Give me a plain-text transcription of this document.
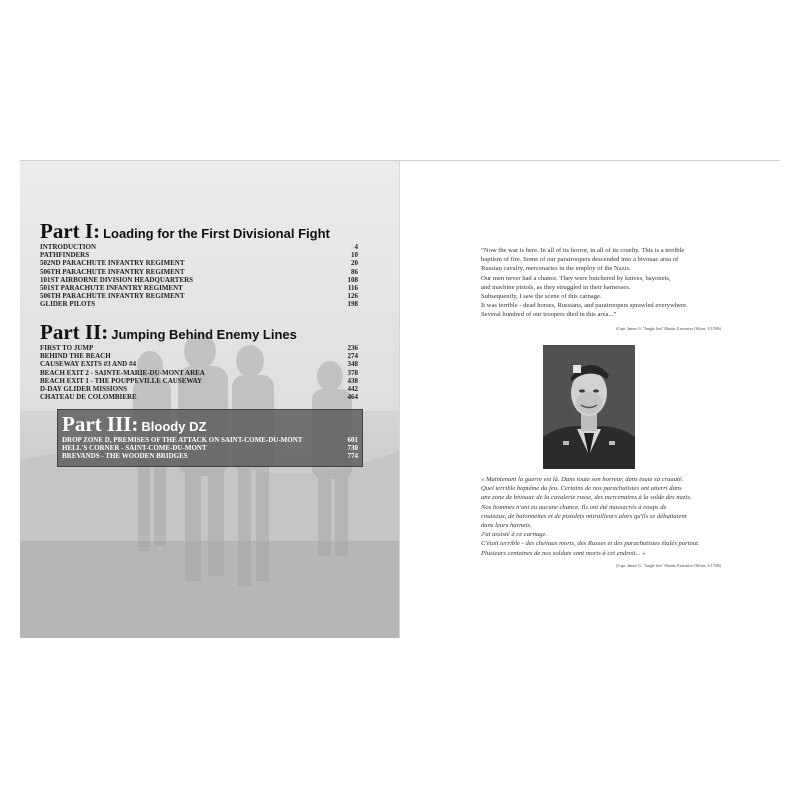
Part I: Loading for the First Divisional Fight
INTRODUCTION	4
PATHFINDERS	10
502ND PARACHUTE INFANTRY REGIMENT	20
506TH PARACHUTE INFANTRY REGIMENT	86
101ST AIRBORNE DIVISION HEADQUARTERS	108
501ST PARACHUTE INFANTRY REGIMENT	116
506TH PARACHUTE INFANTRY REGIMENT	126
GLIDER PILOTS	198
Part II: Jumping Behind Enemy Lines
FIRST TO JUMP	236
BEHIND THE BEACH	274
CAUSEWAY EXITS #3 AND #4	348
BEACH EXIT 2 - SAINTE-MARIE-DU-MONT AREA	378
BEACH EXIT 1 - THE POUPPEVILLE CAUSEWAY	438
D-DAY GLIDER MISSIONS	442
CHATEAU DE COLOMBIERE	464
Part III: Bloody DZ
DROP ZONE D, PREMISES OF THE ATTACK ON SAINT-COME-DU-MONT	601
HELL'S CORNER - SAINT-COME-DU-MONT	730
BREVANDS - THE WOODEN BRIDGES	774
“Now the war is here. In all of its horror, in all of its cruelty. This is a terrible
baptism of fire. Some of our paratroopers descended into a bivouac area of
Russian cavalry, mercenaries in the employ of the Nazis.
Our men never had a chance. They were butchered by knives, bayonets,
and machine pistols, as they struggled in their harnesses.
Subsequently, I saw the scene of this carnage.
It was terrible - dead horses, Russians, and paratroopers sprawled everywhere.
Several hundred of our troopers died in this area...”
(Capt. James G. "Jungle Jim" Martin, Executive Officer, 3/1/506)
« Maintenant la guerre est là. Dans toute son horreur, dans toute sa cruauté.
Quel terrible baptême du feu. Certains de nos parachutistes ont atterri dans
une zone de bivouac de la cavalerie russe, des mercenaires à la solde des nazis.
Nos hommes n'ont eu aucune chance. Ils ont été massacrés à coups de
couteaux, de baïonnettes et de pistolets mitrailleurs alors qu'ils se débattaient
dans leurs harnais.
J'ai assisté à ce carnage.
C'était terrible - des chevaux morts, des Russes et des parachutistes étalés partout.
Plusieurs centaines de nos soldats sont morts à cet endroit... »
(Capt. James G. "Jungle Jim" Martin, Executive Officer, 3/1/506)
